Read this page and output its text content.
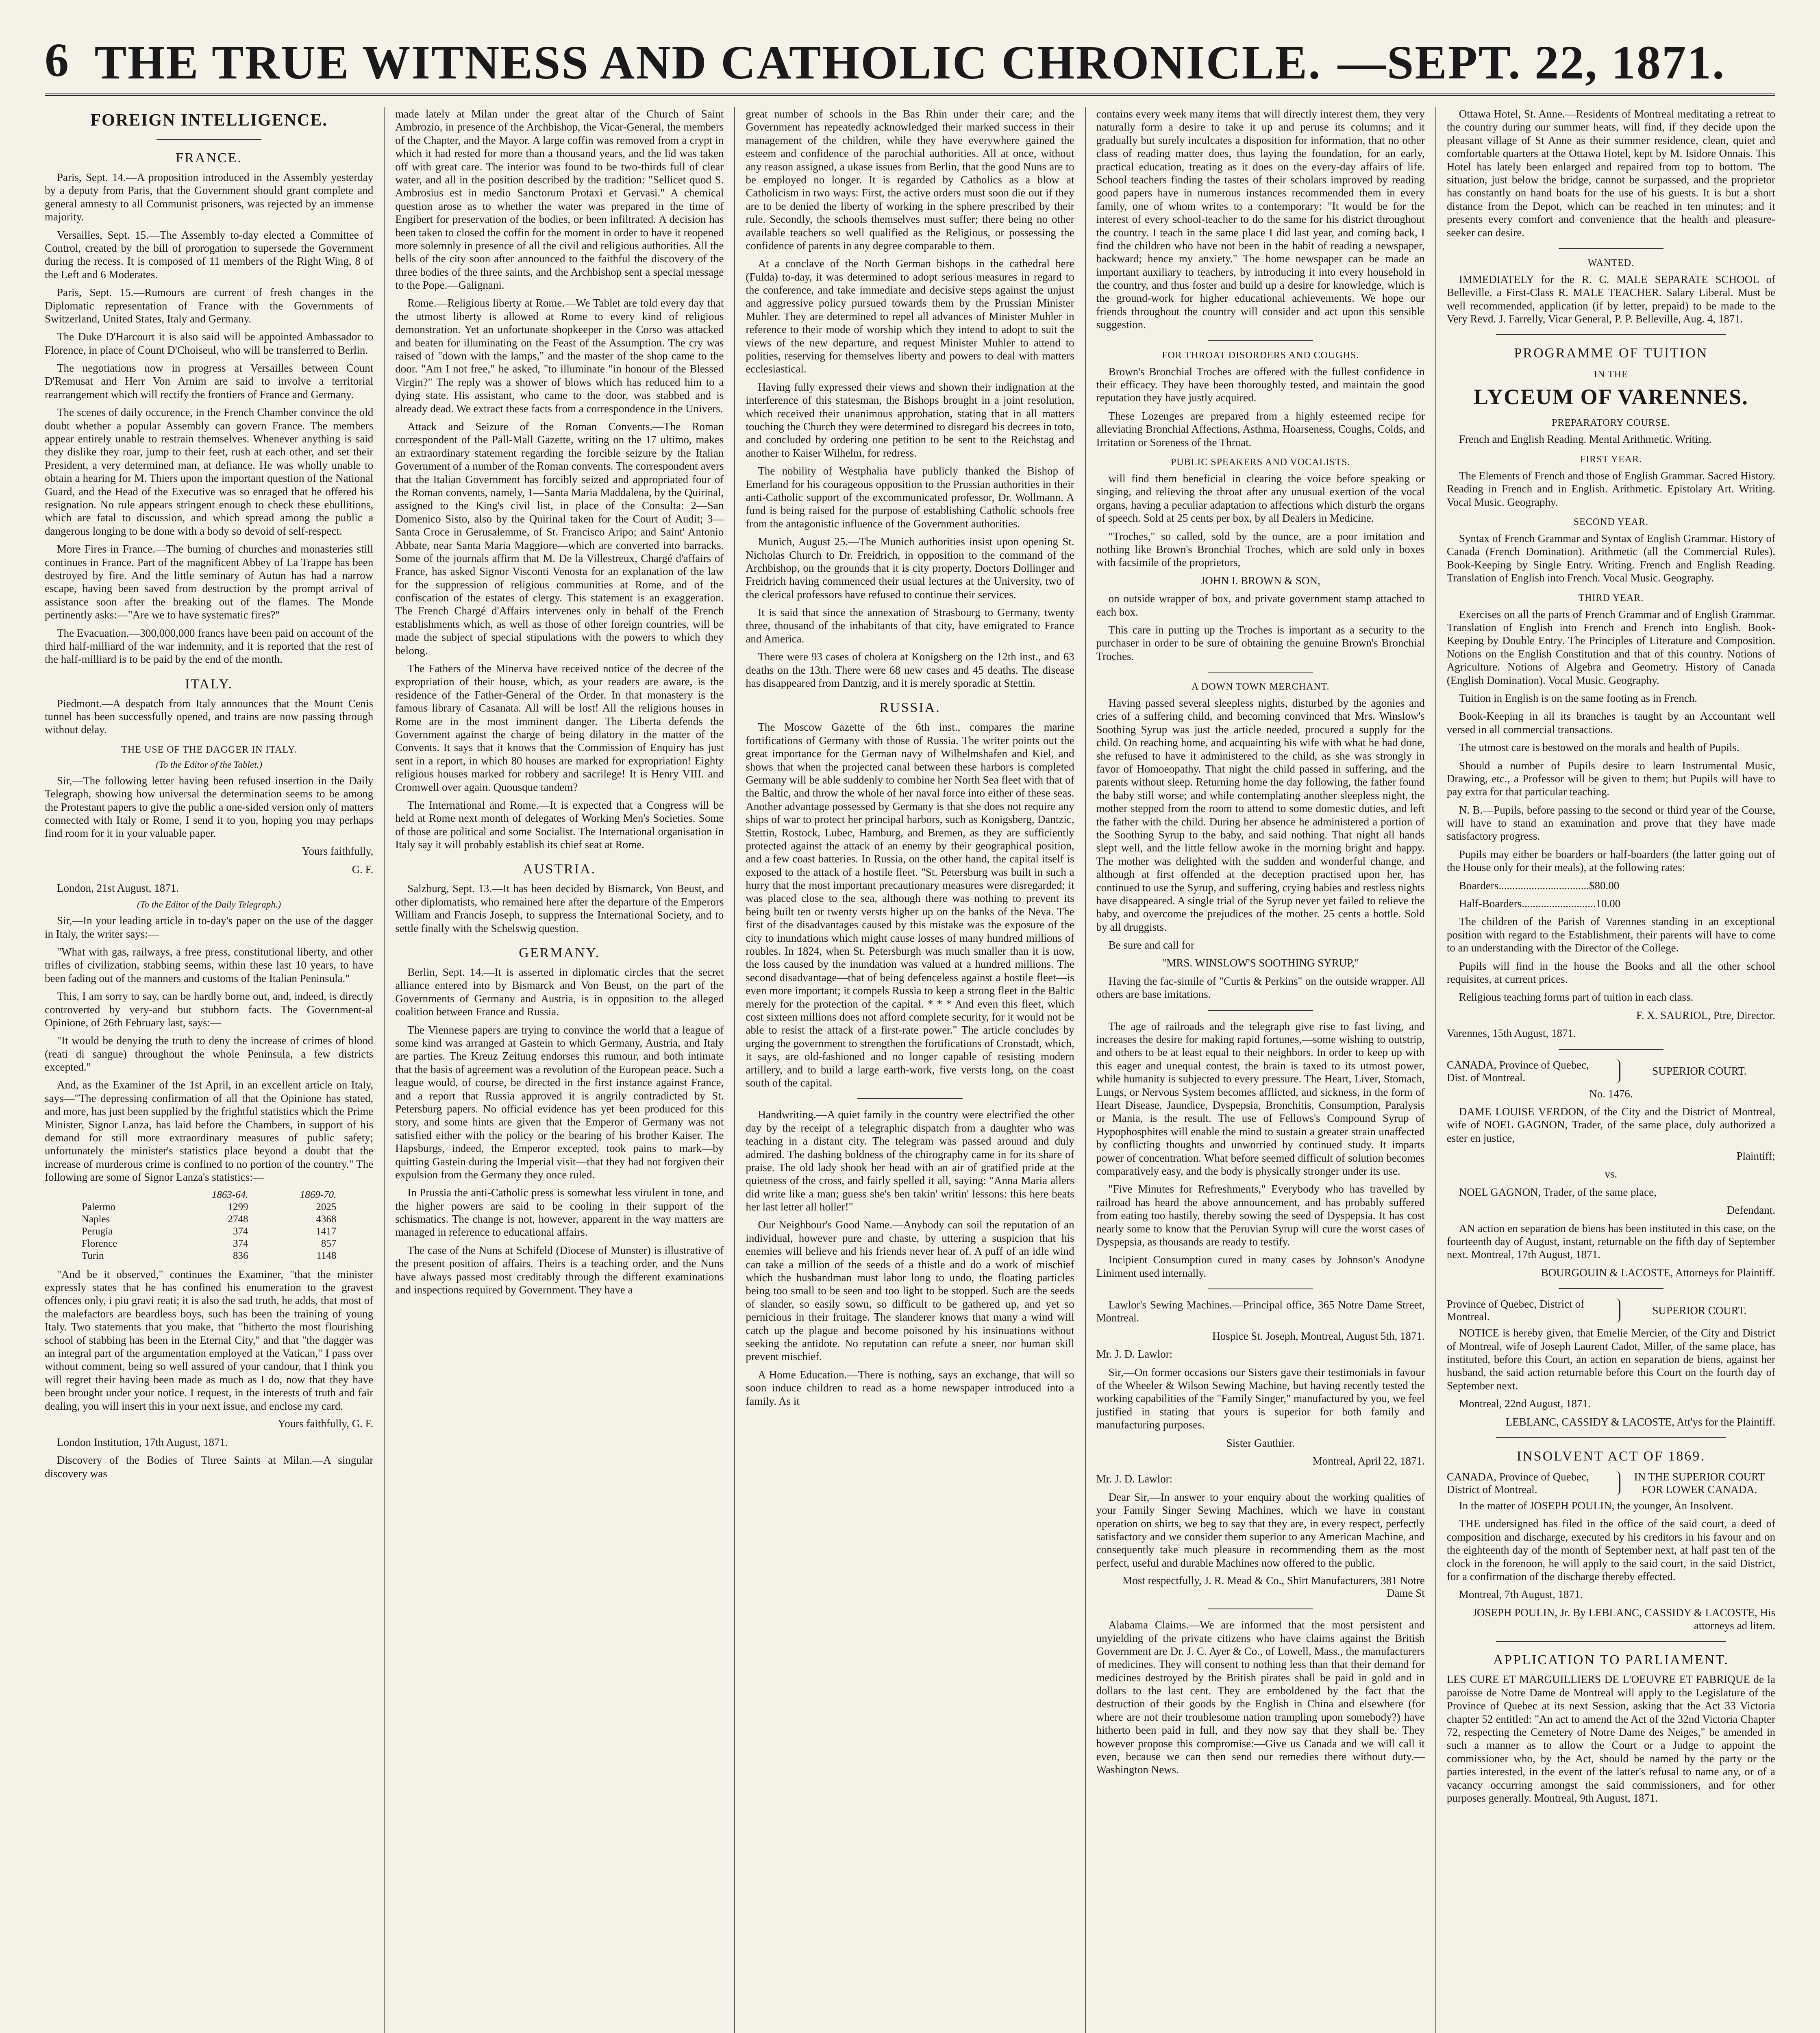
6 THE TRUE WITNESS AND CATHOLIC CHRONICLE. —SEPT. 22, 1871.
FOREIGN INTELLIGENCE.
FRANCE.

Paris, Sept. 14.—A proposition introduced in the Assembly yesterday by a deputy from Paris, that the Government should grant complete and general amnesty to all Communist prisoners, was rejected by an immense majority.

Versailles, Sept. 15.—The Assembly to-day elected a Committee of Control, created by the bill of prorogation to supersede the Government during the recess. It is composed of 11 members of the Right Wing, 8 of the Left and 6 Moderates.

Paris, Sept. 15.—Rumours are current of fresh changes in the Diplomatic representation of France with the Governments of Switzerland, United States, Italy and Germany.

The Duke D'Harcourt it is also said will be appointed Ambassador to Florence, in place of Count D'Choiseul, who will be transferred to Berlin.

The negotiations now in progress at Versailles between Count D'Remusat and Herr Von Arnim are said to involve a territorial rearrangement which will rectify the frontiers of France and Germany.

The scenes of daily occurence, in the French Chamber convince the old doubt whether a popular Assembly can govern France. The members appear entirely unable to restrain themselves. Whenever anything is said they dislike they roar, jump to their feet, rush at each other, and set their President, a very determined man, at defiance. He was wholly unable to obtain a hearing for M. Thiers upon the important question of the National Guard, and the Head of the Executive was so enraged that he offered his resignation. No rule appears stringent enough to check these ebullitions, which are fatal to discussion, and which spread among the public a dangerous longing to be done with a body so devoid of self-respect.

More Fires in France.—The burning of churches and monasteries still continues in France. Part of the magnificent Abbey of La Trappe has been destroyed by fire. And the little seminary of Autun has had a narrow escape, having been saved from destruction by the prompt arrival of assistance soon after the breaking out of the flames. The Monde pertinently asks:—"Are we to have systematic fires?"

The Evacuation.—300,000,000 francs have been paid on account of the third half-milliard of the war indemnity, and it is reported that the rest of the half-milliard is to be paid by the end of the month.

ITALY.

Piedmont.—A despatch from Italy announces that the Mount Cenis tunnel has been successfully opened, and trains are now passing through without delay.

THE USE OF THE DAGGER IN ITALY.
(To the Editor of the Tablet.)

Sir,—The following letter having been refused insertion in the Daily Telegraph, showing how universal the determination seems to be among the Protestant papers to give the public a one-sided version only of matters connected with Italy or Rome, I send it to you, hoping you may perhaps find room for it in your valuable paper.

Yours faithfully,
G. F.

London, 21st August, 1871.

(To the Editor of the Daily Telegraph.)

Sir,—In your leading article in to-day's paper on the use of the dagger in Italy, the writer says:—

"What with gas, railways, a free press, constitutional liberty, and other trifles of civilization, stabbing seems, within these last 10 years, to have been fading out of the manners and customs of the Italian Peninsula."

This, I am sorry to say, can be hardly borne out, and, indeed, is directly controverted by very-and but stubborn facts. The Government-al Opinione, of 26th February last, says:—

"It would be denying the truth to deny the increase of crimes of blood (reati di sangue) throughout the whole Peninsula, a few districts excepted."

And, as the Examiner of the 1st April, in an excellent article on Italy, says—"The depressing confirmation of all that the Opinione has stated, and more, has just been supplied by the frightful statistics which the Prime Minister, Signor Lanza, has laid before the Chambers, in support of his demand for still more extraordinary measures of public safety; unfortunately the minister's statistics place beyond a doubt that the increase of murderous crime is confined to no portion of the country." The following are some of Signor Lanza's statistics:—

	1863-64.	1869-70.
Palermo	1299	2025
Naples	2748	4368
Perugia	374	1417
Florence	374	857
Turin	836	1148

"And be it observed," continues the Examiner, "that the minister expressly states that he has confined his enumeration to the gravest offences only, i piu gravi reati; it is also the sad truth, he adds, that most of the malefactors are beardless boys, such has been the training of young Italy. Two statements that you make, that "hitherto the most flourishing school of stabbing has been in the Eternal City," and that "the dagger was an integral part of the argumentation employed at the Vatican," I pass over without comment, being so well assured of your candour, that I think you will regret their having been made as much as I do, now that they have been brought under your notice. I request, in the interests of truth and fair dealing, you will insert this in your next issue, and enclose my card.

Yours faithfully, G. F.

London Institution, 17th August, 1871.

Discovery of the Bodies of Three Saints at Milan.—A singular discovery was

made lately at Milan under the great altar of the Church of Saint Ambrozio, in presence of the Archbishop, the Vicar-General, the members of the Chapter, and the Mayor. A large coffin was removed from a crypt in which it had rested for more than a thousand years, and the lid was taken off with great care. The interior was found to be two-thirds full of clear water, and all in the position described by the tradition: "Sellicet quod S. Ambrosius est in medio Sanctorum Protaxi et Gervasi." A chemical question arose as to whether the water was prepared in the time of Engibert for preservation of the bodies, or been infiltrated. A decision has been taken to closed the coffin for the moment in order to have it reopened more solemnly in presence of all the civil and religious authorities. All the bells of the city soon after announced to the faithful the discovery of the three bodies of the three saints, and the Archbishop sent a special message to the Pope.—Galignani.

Rome.—Religious liberty at Rome.—We Tablet are told every day that the utmost liberty is allowed at Rome to every kind of religious demonstration. Yet an unfortunate shopkeeper in the Corso was attacked and beaten for illuminating on the Feast of the Assumption. The cry was raised of "down with the lamps," and the master of the shop came to the door. "Am I not free," he asked, "to illuminate "in honour of the Blessed Virgin?" The reply was a shower of blows which has reduced him to a dying state. His assistant, who came to the door, was stabbed and is already dead. We extract these facts from a correspondence in the Univers.

Attack and Seizure of the Roman Convents.—The Roman correspondent of the Pall-Mall Gazette, writing on the 17 ultimo, makes an extraordinary statement regarding the forcible seizure by the Italian Government of a number of the Roman convents. The correspondent avers that the Italian Government has forcibly seized and appropriated four of the Roman convents, namely, 1—Santa Maria Maddalena, by the Quirinal, assigned to the King's civil list, in place of the Consulta: 2—San Domenico Sisto, also by the Quirinal taken for the Court of Audit; 3—Santa Croce in Gerusalemme, of St. Francisco Aripo; and Saint' Antonio Abbate, near Santa Maria Maggiore—which are converted into barracks. Some of the journals affirm that M. De la Villestreux, Chargé d'affairs of France, has asked Signor Visconti Venosta for an explanation of the law for the suppression of religious communities at Rome, and of the confiscation of the estates of clergy. This statement is an exaggeration. The French Chargé d'Affairs intervenes only in behalf of the French establishments which, as well as those of other foreign countries, will be made the subject of special stipulations with the powers to which they belong.

The Fathers of the Minerva have received notice of the decree of the expropriation of their house, which, as your readers are aware, is the residence of the Father-General of the Order. In that monastery is the famous library of Casanata. All will be lost! All the religious houses in Rome are in the most imminent danger. The Liberta defends the Government against the charge of being dilatory in the matter of the Convents. It says that it knows that the Commission of Enquiry has just sent in a report, in which 80 houses are marked for expropriation! Eighty religious houses marked for robbery and sacrilege! It is Henry VIII. and Cromwell over again. Quousque tandem?

The International and Rome.—It is expected that a Congress will be held at Rome next month of delegates of Working Men's Societies. Some of those are political and some Socialist. The International organisation in Italy say it will probably establish its chief seat at Rome.

AUSTRIA.

Salzburg, Sept. 13.—It has been decided by Bismarck, Von Beust, and other diplomatists, who remained here after the departure of the Emperors William and Francis Joseph, to suppress the International Society, and to settle finally with the Schelswig question.

GERMANY.

Berlin, Sept. 14.—It is asserted in diplomatic circles that the secret alliance entered into by Bismarck and Von Beust, on the part of the Governments of Germany and Austria, is in opposition to the alleged coalition between France and Russia.

The Viennese papers are trying to convince the world that a league of some kind was arranged at Gastein to which Germany, Austria, and Italy are parties. The Kreuz Zeitung endorses this rumour, and both intimate that the basis of agreement was a revolution of the European peace. Such a league would, of course, be directed in the first instance against France, and a report that Russia approved it is angrily contradicted by St. Petersburg papers. No official evidence has yet been produced for this story, and some hints are given that the Emperor of Germany was not satisfied either with the policy or the bearing of his brother Kaiser. The Hapsburgs, indeed, the Emperor excepted, took pains to mark—by quitting Gastein during the Imperial visit—that they had not forgiven their expulsion from the Germany they once ruled.

In Prussia the anti-Catholic press is somewhat less virulent in tone, and the higher powers are said to be cooling in their support of the schismatics. The change is not, however, apparent in the way matters are managed in reference to educational affairs.

The case of the Nuns at Schifeld (Diocese of Munster) is illustrative of the present position of affairs. Theirs is a teaching order, and the Nuns have always passed most creditably through the different examinations and inspections required by Government. They have a

great number of schools in the Bas Rhin under their care; and the Government has repeatedly acknowledged their marked success in their management of the children, while they have everywhere gained the esteem and confidence of the parochial authorities. All at once, without any reason assigned, a ukase issues from Berlin, that the good Nuns are to be employed no longer. It is regarded by Catholics as a blow at Catholicism in two ways: First, the active orders must soon die out if they are to be denied the liberty of working in the sphere prescribed by their rule. Secondly, the schools themselves must suffer; there being no other available teachers so well qualified as the Religious, or possessing the confidence of parents in any degree comparable to them.

At a conclave of the North German bishops in the cathedral here (Fulda) to-day, it was determined to adopt serious measures in regard to the conference, and take immediate and decisive steps against the unjust and aggressive policy pursued towards them by the Prussian Minister Muhler. They are determined to repel all advances of Minister Muhler in reference to their mode of worship which they intend to adopt to suit the views of the new departure, and request Minister Muhler to attend to polities, reserving for themselves liberty and powers to deal with matters ecclesiastical.

Having fully expressed their views and shown their indignation at the interference of this statesman, the Bishops brought in a joint resolution, which received their unanimous approbation, stating that in all matters touching the Church they were determined to disregard his decrees in toto, and concluded by ordering one petition to be sent to the Reichstag and another to Kaiser Wilhelm, for redress.

The nobility of Westphalia have publicly thanked the Bishop of Emerland for his courageous opposition to the Prussian authorities in their anti-Catholic support of the excommunicated professor, Dr. Wollmann. A fund is being raised for the purpose of establishing Catholic schools free from the antagonistic influence of the Government authorities.

Munich, August 25.—The Munich authorities insist upon opening St. Nicholas Church to Dr. Freidrich, in opposition to the command of the Archbishop, on the grounds that it is city property. Doctors Dollinger and Freidrich having commenced their usual lectures at the University, two of the clerical professors have refused to continue their services.

It is said that since the annexation of Strasbourg to Germany, twenty three, thousand of the inhabitants of that city, have emigrated to France and America.

There were 93 cases of cholera at Konigsberg on the 12th inst., and 63 deaths on the 13th. There were 68 new cases and 45 deaths. The disease has disappeared from Dantzig, and it is merely sporadic at Stettin.

RUSSIA.

The Moscow Gazette of the 6th inst., compares the marine fortifications of Germany with those of Russia. The writer points out the great importance for the German navy of Wilhelmshafen and Kiel, and shows that when the projected canal between these harbors is completed Germany will be able suddenly to combine her North Sea fleet with that of the Baltic, and throw the whole of her naval force into either of these seas. Another advantage possessed by Germany is that she does not require any ships of war to protect her principal harbors, such as Konigsberg, Dantzic, Stettin, Rostock, Lubec, Hamburg, and Bremen, as they are sufficiently protected against the attack of an enemy by their geographical position, and a few coast batteries. In Russia, on the other hand, the capital itself is exposed to the attack of a hostile fleet. "St. Petersburg was built in such a hurry that the most important precautionary measures were disregarded; it was placed close to the sea, although there was nothing to prevent its being built ten or twenty versts higher up on the banks of the Neva. The first of the disadvantages caused by this mistake was the exposure of the city to inundations which might cause losses of many hundred millions of roubles. In 1824, when St. Petersburgh was much smaller than it is now, the loss caused by the inundation was valued at a hundred millions. The second disadvantage—that of being defenceless against a hostile fleet—is even more important; it compels Russia to keep a strong fleet in the Baltic merely for the protection of the capital. * * * And even this fleet, which cost sixteen millions does not afford complete security, for it would not be able to resist the attack of a first-rate power." The article concludes by urging the government to strengthen the fortifications of Cronstadt, which, it says, are old-fashioned and no longer capable of resisting modern artillery, and to build a large earth-work, five versts long, on the coast south of the capital.

Handwriting.—A quiet family in the country were electrified the other day by the receipt of a telegraphic dispatch from a daughter who was teaching in a distant city. The telegram was passed around and duly admired. The dashing boldness of the chirography came in for its share of praise. The old lady shook her head with an air of gratified pride at the quietness of the cross, and fairly spelled it all, saying: "Anna Maria allers did write like a man; guess she's ben takin' writin' lessons: this here beats her last letter all holler!"

Our Neighbour's Good Name.—Anybody can soil the reputation of an individual, however pure and chaste, by uttering a suspicion that his enemies will believe and his friends never hear of. A puff of an idle wind can take a million of the seeds of a thistle and do a work of mischief which the husbandman must labor long to undo, the floating particles being too small to be seen and too light to be stopped. Such are the seeds of slander, so easily sown, so difficult to be gathered up, and yet so pernicious in their fruitage. The slanderer knows that many a wind will catch up the plague and become poisoned by his insinuations without seeking the antidote. No reputation can refute a sneer, nor human skill prevent mischief.

A Home Education.—There is nothing, says an exchange, that will so soon induce children to read as a home newspaper introduced into a family. As it

contains every week many items that will directly interest them, they very naturally form a desire to take it up and peruse its columns; and it gradually but surely inculcates a disposition for information, that no other class of reading matter does, thus laying the foundation, for an early, practical education, treating as it does on the every-day affairs of life. School teachers finding the tastes of their scholars improved by reading good papers have in numerous instances recommended them in every family, one of whom writes to a contemporary: "It would be for the interest of every school-teacher to do the same for his district throughout the country. I teach in the same place I did last year, and coming back, I find the children who have not been in the habit of reading a newspaper, backward; hence my anxiety." The home newspaper can be made an important auxiliary to teachers, by introducing it into every household in the country, and thus foster and build up a desire for knowledge, which is the ground-work for higher educational achievements. We hope our friends throughout the country will consider and act upon this sensible suggestion.

FOR THROAT DISORDERS AND COUGHS.

Brown's Bronchial Troches are offered with the fullest confidence in their efficacy. They have been thoroughly tested, and maintain the good reputation they have justly acquired.

These Lozenges are prepared from a highly esteemed recipe for alleviating Bronchial Affections, Asthma, Hoarseness, Coughs, Colds, and Irritation or Soreness of the Throat.

PUBLIC SPEAKERS AND VOCALISTS.

will find them beneficial in clearing the voice before speaking or singing, and relieving the throat after any unusual exertion of the vocal organs, having a peculiar adaptation to affections which disturb the organs of speech. Sold at 25 cents per box, by all Dealers in Medicine.

"Troches," so called, sold by the ounce, are a poor imitation and nothing like Brown's Bronchial Troches, which are sold only in boxes with facsimile of the proprietors,

JOHN I. BROWN & SON,

on outside wrapper of box, and private government stamp attached to each box.

This care in putting up the Troches is important as a security to the purchaser in order to be sure of obtaining the genuine Brown's Bronchial Troches.

A DOWN TOWN MERCHANT.

Having passed several sleepless nights, disturbed by the agonies and cries of a suffering child, and becoming convinced that Mrs. Winslow's Soothing Syrup was just the article needed, procured a supply for the child. On reaching home, and acquainting his wife with what he had done, she refused to have it administered to the child, as she was strongly in favor of Homoeopathy. That night the child passed in suffering, and the parents without sleep. Returning home the day following, the father found the baby still worse; and while contemplating another sleepless night, the mother stepped from the room to attend to some domestic duties, and left the father with the child. During her absence he administered a portion of the Soothing Syrup to the baby, and said nothing. That night all hands slept well, and the little fellow awoke in the morning bright and happy. The mother was delighted with the sudden and wonderful change, and although at first offended at the deception practised upon her, has continued to use the Syrup, and suffering, crying babies and restless nights have disappeared. A single trial of the Syrup never yet failed to relieve the baby, and overcome the prejudices of the mother. 25 cents a bottle. Sold by all druggists.

Be sure and call for

"MRS. WINSLOW'S SOOTHING SYRUP,"

Having the fac-simile of "Curtis & Perkins" on the outside wrapper. All others are base imitations.

The age of railroads and the telegraph give rise to fast living, and increases the desire for making rapid fortunes,—some wishing to outstrip, and others to be at least equal to their neighbors. In order to keep up with this eager and unequal contest, the brain is taxed to its utmost power, while humanity is subjected to every pressure. The Heart, Liver, Stomach, Lungs, or Nervous System becomes afflicted, and sickness, in the form of Heart Disease, Jaundice, Dyspepsia, Bronchitis, Consumption, Paralysis or Mania, is the result. The use of Fellows's Compound Syrup of Hypophosphites will enable the mind to sustain a greater strain unaffected by conflicting thoughts and unworried by continued study. It imparts power of concentration. What before seemed difficult of solution becomes comparatively easy, and the body is physically stronger under its use.

"Five Minutes for Refreshments," Everybody who has travelled by railroad has heard the above announcement, and has probably suffered from eating too hastily, thereby sowing the seed of Dyspepsia. It has cost nearly some to know that the Peruvian Syrup will cure the worst cases of Dyspepsia, as thousands are ready to testify.

Incipient Consumption cured in many cases by Johnson's Anodyne Liniment used internally.

Lawlor's Sewing Machines.—Principal office, 365 Notre Dame Street, Montreal.

Hospice St. Joseph, Montreal, August 5th, 1871.

Mr. J. D. Lawlor:

Sir,—On former occasions our Sisters gave their testimonials in favour of the Wheeler & Wilson Sewing Machine, but having recently tested the working capabilities of the "Family Singer," manufactured by you, we feel justified in stating that yours is superior for both family and manufacturing purposes.

Sister Gauthier.

Montreal, April 22, 1871.

Mr. J. D. Lawlor:

Dear Sir,—In answer to your enquiry about the working qualities of your Family Singer Sewing Machines, which we have in constant operation on shirts, we beg to say that they are, in every respect, perfectly satisfactory and we consider them superior to any American Machine, and consequently take much pleasure in recommending them as the most perfect, useful and durable Machines now offered to the public.

Most respectfully, J. R. Mead & Co., Shirt Manufacturers, 381 Notre Dame St

Alabama Claims.—We are informed that the most persistent and unyielding of the private citizens who have claims against the British Government are Dr. J. C. Ayer & Co., of Lowell, Mass., the manufacturers of medicines. They will consent to nothing less than that their demand for medicines destroyed by the British pirates shall be paid in gold and in dollars to the last cent. They are emboldened by the fact that the destruction of their goods by the English in China and elsewhere (for where are not their troublesome nation trampling upon somebody?) have hitherto been paid in full, and they now say that they shall be. They however propose this compromise:—Give us Canada and we will call it even, because we can then send our remedies there without duty.—Washington News.

Ottawa Hotel, St. Anne.—Residents of Montreal meditating a retreat to the country during our summer heats, will find, if they decide upon the pleasant village of St Anne as their summer residence, clean, quiet and comfortable quarters at the Ottawa Hotel, kept by M. Isidore Onnais. This Hotel has lately been enlarged and repaired from top to bottom. The situation, just below the bridge, cannot be surpassed, and the proprietor has constantly on hand boats for the use of his guests. It is but a short distance from the Depot, which can be reached in ten minutes; and it presents every comfort and convenience that the health and pleasure-seeker can desire.

WANTED.

IMMEDIATELY for the R. C. MALE SEPARATE SCHOOL of Belleville, a First-Class R. MALE TEACHER. Salary Liberal. Must be well recommended, application (if by letter, prepaid) to be made to the Very Revd. J. Farrelly, Vicar General, P. P. Belleville, Aug. 4, 1871.

PROGRAMME OF TUITION
IN THE
LYCEUM OF VARENNES.
PREPARATORY COURSE.

French and English Reading. Mental Arithmetic. Writing.

FIRST YEAR.

The Elements of French and those of English Grammar. Sacred History. Reading in French and in English. Arithmetic. Epistolary Art. Writing. Vocal Music. Geography.

SECOND YEAR.

Syntax of French Grammar and Syntax of English Grammar. History of Canada (French Domination). Arithmetic (all the Commercial Rules). Book-Keeping by Single Entry. Writing. French and English Reading. Translation of English into French. Vocal Music. Geography.

THIRD YEAR.

Exercises on all the parts of French Grammar and of English Grammar. Translation of English into French and French into English. Book-Keeping by Double Entry. The Principles of Literature and Composition. Notions on the English Constitution and that of this country. Notions of Agriculture. Notions of Algebra and Geometry. History of Canada (English Domination). Vocal Music. Geography.

Tuition in English is on the same footing as in French.

Book-Keeping in all its branches is taught by an Accountant well versed in all commercial transactions.

The utmost care is bestowed on the morals and health of Pupils.

Should a number of Pupils desire to learn Instrumental Music, Drawing, etc., a Professor will be given to them; but Pupils will have to pay extra for that particular teaching.

N. B.—Pupils, before passing to the second or third year of the Course, will have to stand an examination and prove that they have made satisfactory progress.

Pupils may either be boarders or half-boarders (the latter going out of the House only for their meals), at the following rates:

Boarders.................................$80.00

Half-Boarders...........................10.00

The children of the Parish of Varennes standing in an exceptional position with regard to the Establishment, their parents will have to come to an understanding with the Director of the College.

Pupils will find in the house the Books and all the other school requisites, at current prices.

Religious teaching forms part of tuition in each class.

F. X. SAURIOL, Ptre, Director.

Varennes, 15th August, 1871.

CANADA, Province of Quebec, Dist. of Montreal.
SUPERIOR COURT.

No. 1476.

DAME LOUISE VERDON, of the City and the District of Montreal, wife of NOEL GAGNON, Trader, of the same place, duly authorized a ester en justice,

Plaintiff;

vs.

NOEL GAGNON, Trader, of the same place,

Defendant.

AN action en separation de biens has been instituted in this case, on the fourteenth day of August, instant, returnable on the fifth day of September next. Montreal, 17th August, 1871.

BOURGOUIN & LACOSTE, Attorneys for Plaintiff.

Province of Quebec, District of Montreal.
SUPERIOR COURT.

NOTICE is hereby given, that Emelie Mercier, of the City and District of Montreal, wife of Joseph Laurent Cadot, Miller, of the same place, has instituted, before this Court, an action en separation de biens, against her husband, the said action returnable before this Court on the fourth day of September next.

Montreal, 22nd August, 1871.

LEBLANC, CASSIDY & LACOSTE, Att'ys for the Plaintiff.

INSOLVENT ACT OF 1869.
CANADA, Province of Quebec, District of Montreal.
IN THE SUPERIOR COURT FOR LOWER CANADA.

In the matter of JOSEPH POULIN, the younger, An Insolvent.

THE undersigned has filed in the office of the said court, a deed of composition and discharge, executed by his creditors in his favour and on the eighteenth day of the month of September next, at half past ten of the clock in the forenoon, he will apply to the said court, in the said District, for a confirmation of the discharge thereby effected.

Montreal, 7th August, 1871.

JOSEPH POULIN, Jr. By LEBLANC, CASSIDY & LACOSTE, His attorneys ad litem.

APPLICATION TO PARLIAMENT.

LES CURE ET MARGUILLIERS DE L'OEUVRE ET FABRIQUE de la paroisse de Notre Dame de Montreal will apply to the Legislature of the Province of Quebec at its next Session, asking that the Act 33 Victoria chapter 52 entitled: "An act to amend the Act of the 32nd Victoria Chapter 72, respecting the Cemetery of Notre Dame des Neiges," be amended in such a manner as to allow the Court or a Judge to appoint the commissioner who, by the Act, should be named by the party or the parties interested, in the event of the latter's refusal to name any, or of a vacancy occurring amongst the said commissioners, and for other purposes generally. Montreal, 9th August, 1871.
